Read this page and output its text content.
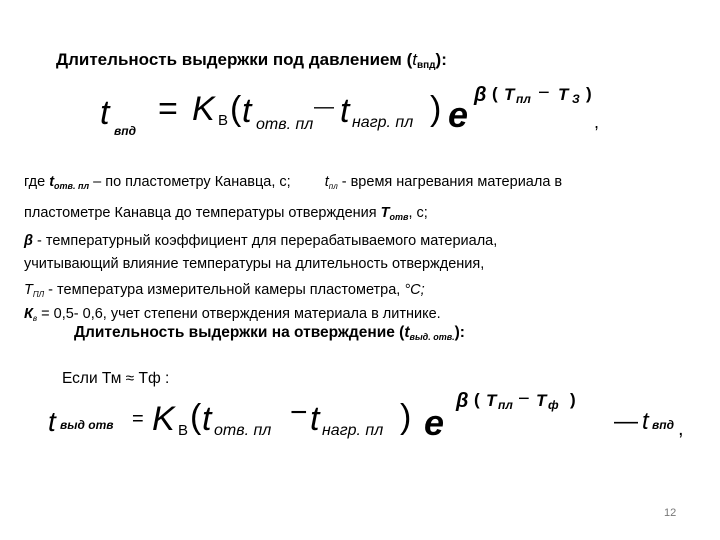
Длительность выдержки под давлением (tвпд):
t впд
= K В ( t отв. пл
— t нагр. пл ) e β ( Т пл − Т З )
,
где $t_{отв. пл}$ – по пластометру Канавца, с; $t_{пл}$ - время нагревания материала в
пластометре Канавца до температуры отверждения $Т_{отв}$, с;
β - температурный коэффициент для перерабатываемого материала,
учитывающий влияние температуры на длительность отверждения,
$Т_{ПЛ}$ - температура измерительной камеры пластометра, °С;
$К_в = 0,5-$ 0,6, учет степени отверждения материала в литнике.
Длительность выдержки на отверждение (tвыд. отв.):
Если Тм ≈ Тф :
t выд отв = K В ( t отв. пл
− t нагр. пл ) e
β ( Т пл − Т ф )
— t впд ,
12
